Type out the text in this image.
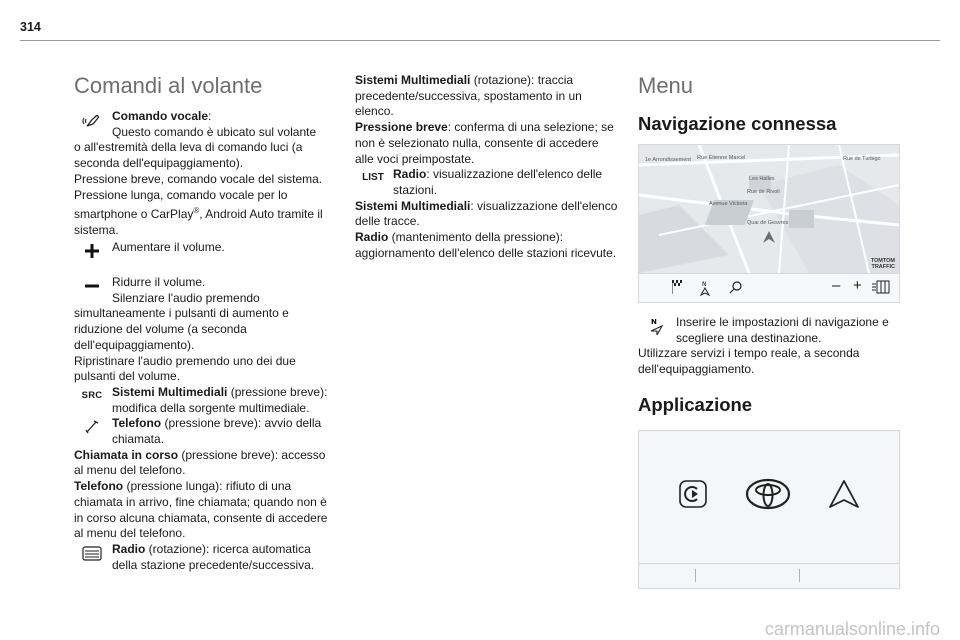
314
Comandi al volante

Comando vocale:

Questo comando è ubicato sul volante

o all'estremità della leva di comando luci (a seconda dell'equipaggiamento).

Pressione breve, comando vocale del sistema.

Pressione lunga, comando vocale per lo smartphone o CarPlay®, Android Auto tramite il sistema.

Aumentare il volume.

Ridurre il volume.

Silenziare l'audio premendo

simultaneamente i pulsanti di aumento e riduzione del volume (a seconda dell'equipaggiamento).

Ripristinare l'audio premendo uno dei due pulsanti del volume.

SRC Sistemi Multimediali (pressione breve): modifica della sorgente multimediale.

Telefono (pressione breve): avvio della chiamata.

Chiamata in corso (pressione breve): accesso al menu del telefono.

Telefono (pressione lunga): rifiuto di una chiamata in arrivo, fine chiamata; quando non è in corso alcuna chiamata, consente di accedere al menu del telefono.

Radio (rotazione): ricerca automatica della stazione precedente/successiva.

Sistemi Multimediali (rotazione): traccia precedente/successiva, spostamento in un elenco.

Pressione breve: conferma di una selezione; se non è selezionato nulla, consente di accedere alle voci preimpostate.

LIST Radio: visualizzazione dell'elenco delle stazioni.

Sistemi Multimediali: visualizzazione dell'elenco delle tracce.

Radio (mantenimento della pressione): aggiornamento dell'elenco delle stazioni ricevute.

Menu
Navigazione connessa
1e Arrondissement Rue Étienne Marcel	Rue de Turbigo
Les Halles
Rue de Rivoli
Avenue Victoria
Quai de Gesvres
TOMTOM TRAFFIC
N	– +
N Inserire le impostazioni di navigazione e

scegliere una destinazione.

Utilizzare servizi i tempo reale, a seconda dell'equipaggiamento.

Applicazione
carmanualsonline.info
